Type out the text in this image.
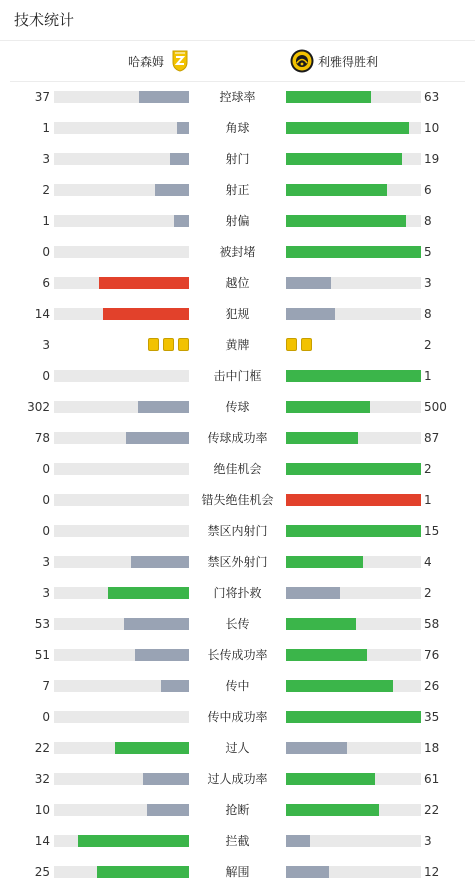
技术统计
哈森姆	利雅得胜利
37	控球率	63
1	角球	10
3	射门	19
2	射正	6
1	射偏	8
0	被封堵	5
6	越位	3
14	犯规	8
3	黄牌	2
0	击中门框	1
302	传球	500
78	传球成功率	87
0	绝佳机会	2
0	错失绝佳机会	1
0	禁区内射门	15
3	禁区外射门	4
3	门将扑救	2
53	长传	58
51	长传成功率	76
7	传中	26
0	传中成功率	35
22	过人	18
32	过人成功率	61
10	抢断	22
14	拦截	3
25	解围	12
